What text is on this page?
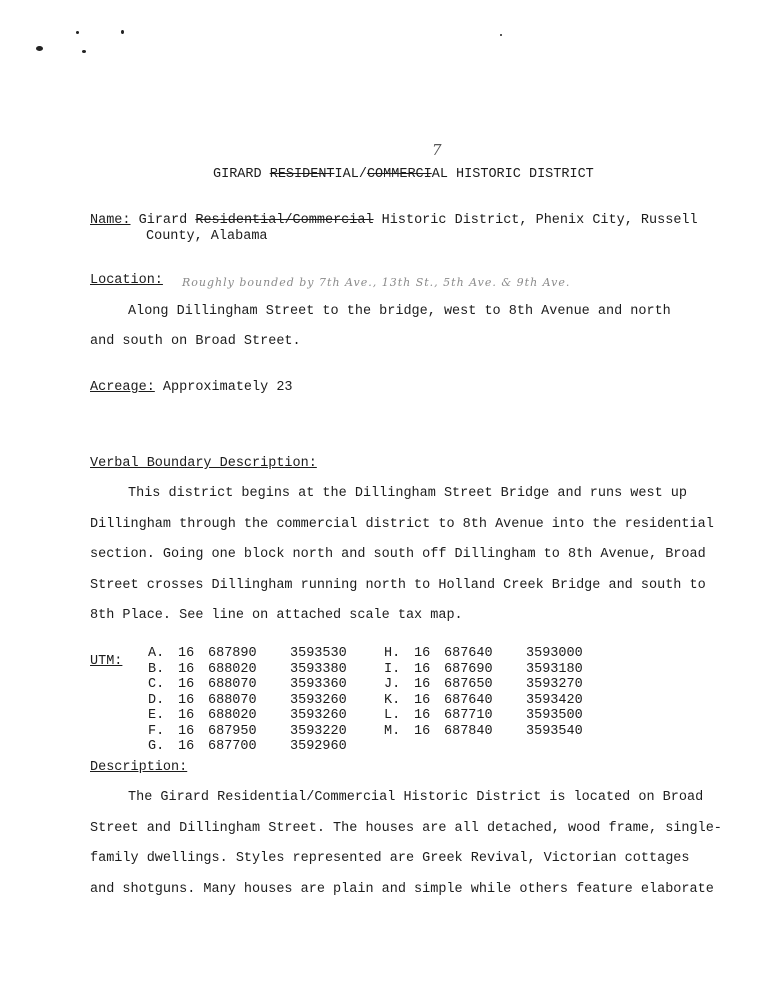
GIRARD RESIDENTIAL/COMMERCIAL HISTORIC DISTRICT
7
Name: Girard Residential/Commercial Historic District, Phenix City, Russell
County, Alabama
Location: Roughly bounded by 7th Ave., 13th St., 5th Ave. & 9th Ave.
Along Dillingham Street to the bridge, west to 8th Avenue and north
and south on Broad Street.
Acreage: Approximately 23
Verbal Boundary Description:
This district begins at the Dillingham Street Bridge and runs west up
Dillingham through the commercial district to 8th Avenue into the residential
section. Going one block north and south off Dillingham to 8th Avenue, Broad
Street crosses Dillingham running north to Holland Creek Bridge and south to
8th Place. See line on attached scale tax map.
UTM:
A. 16 687890 3593530
B. 16 688020 3593380
C. 16 688070 3593360
D. 16 688070 3593260
E. 16 688020 3593260
F. 16 687950 3593220
G. 16 687700 3592960
H. 16 687640 3593000
I. 16 687690 3593180
J. 16 687650 3593270
K. 16 687640 3593420
L. 16 687710 3593500
M. 16 687840 3593540
Description:
The Girard Residential/Commercial Historic District is located on Broad
Street and Dillingham Street. The houses are all detached, wood frame, single-
family dwellings. Styles represented are Greek Revival, Victorian cottages
and shotguns. Many houses are plain and simple while others feature elaborate
